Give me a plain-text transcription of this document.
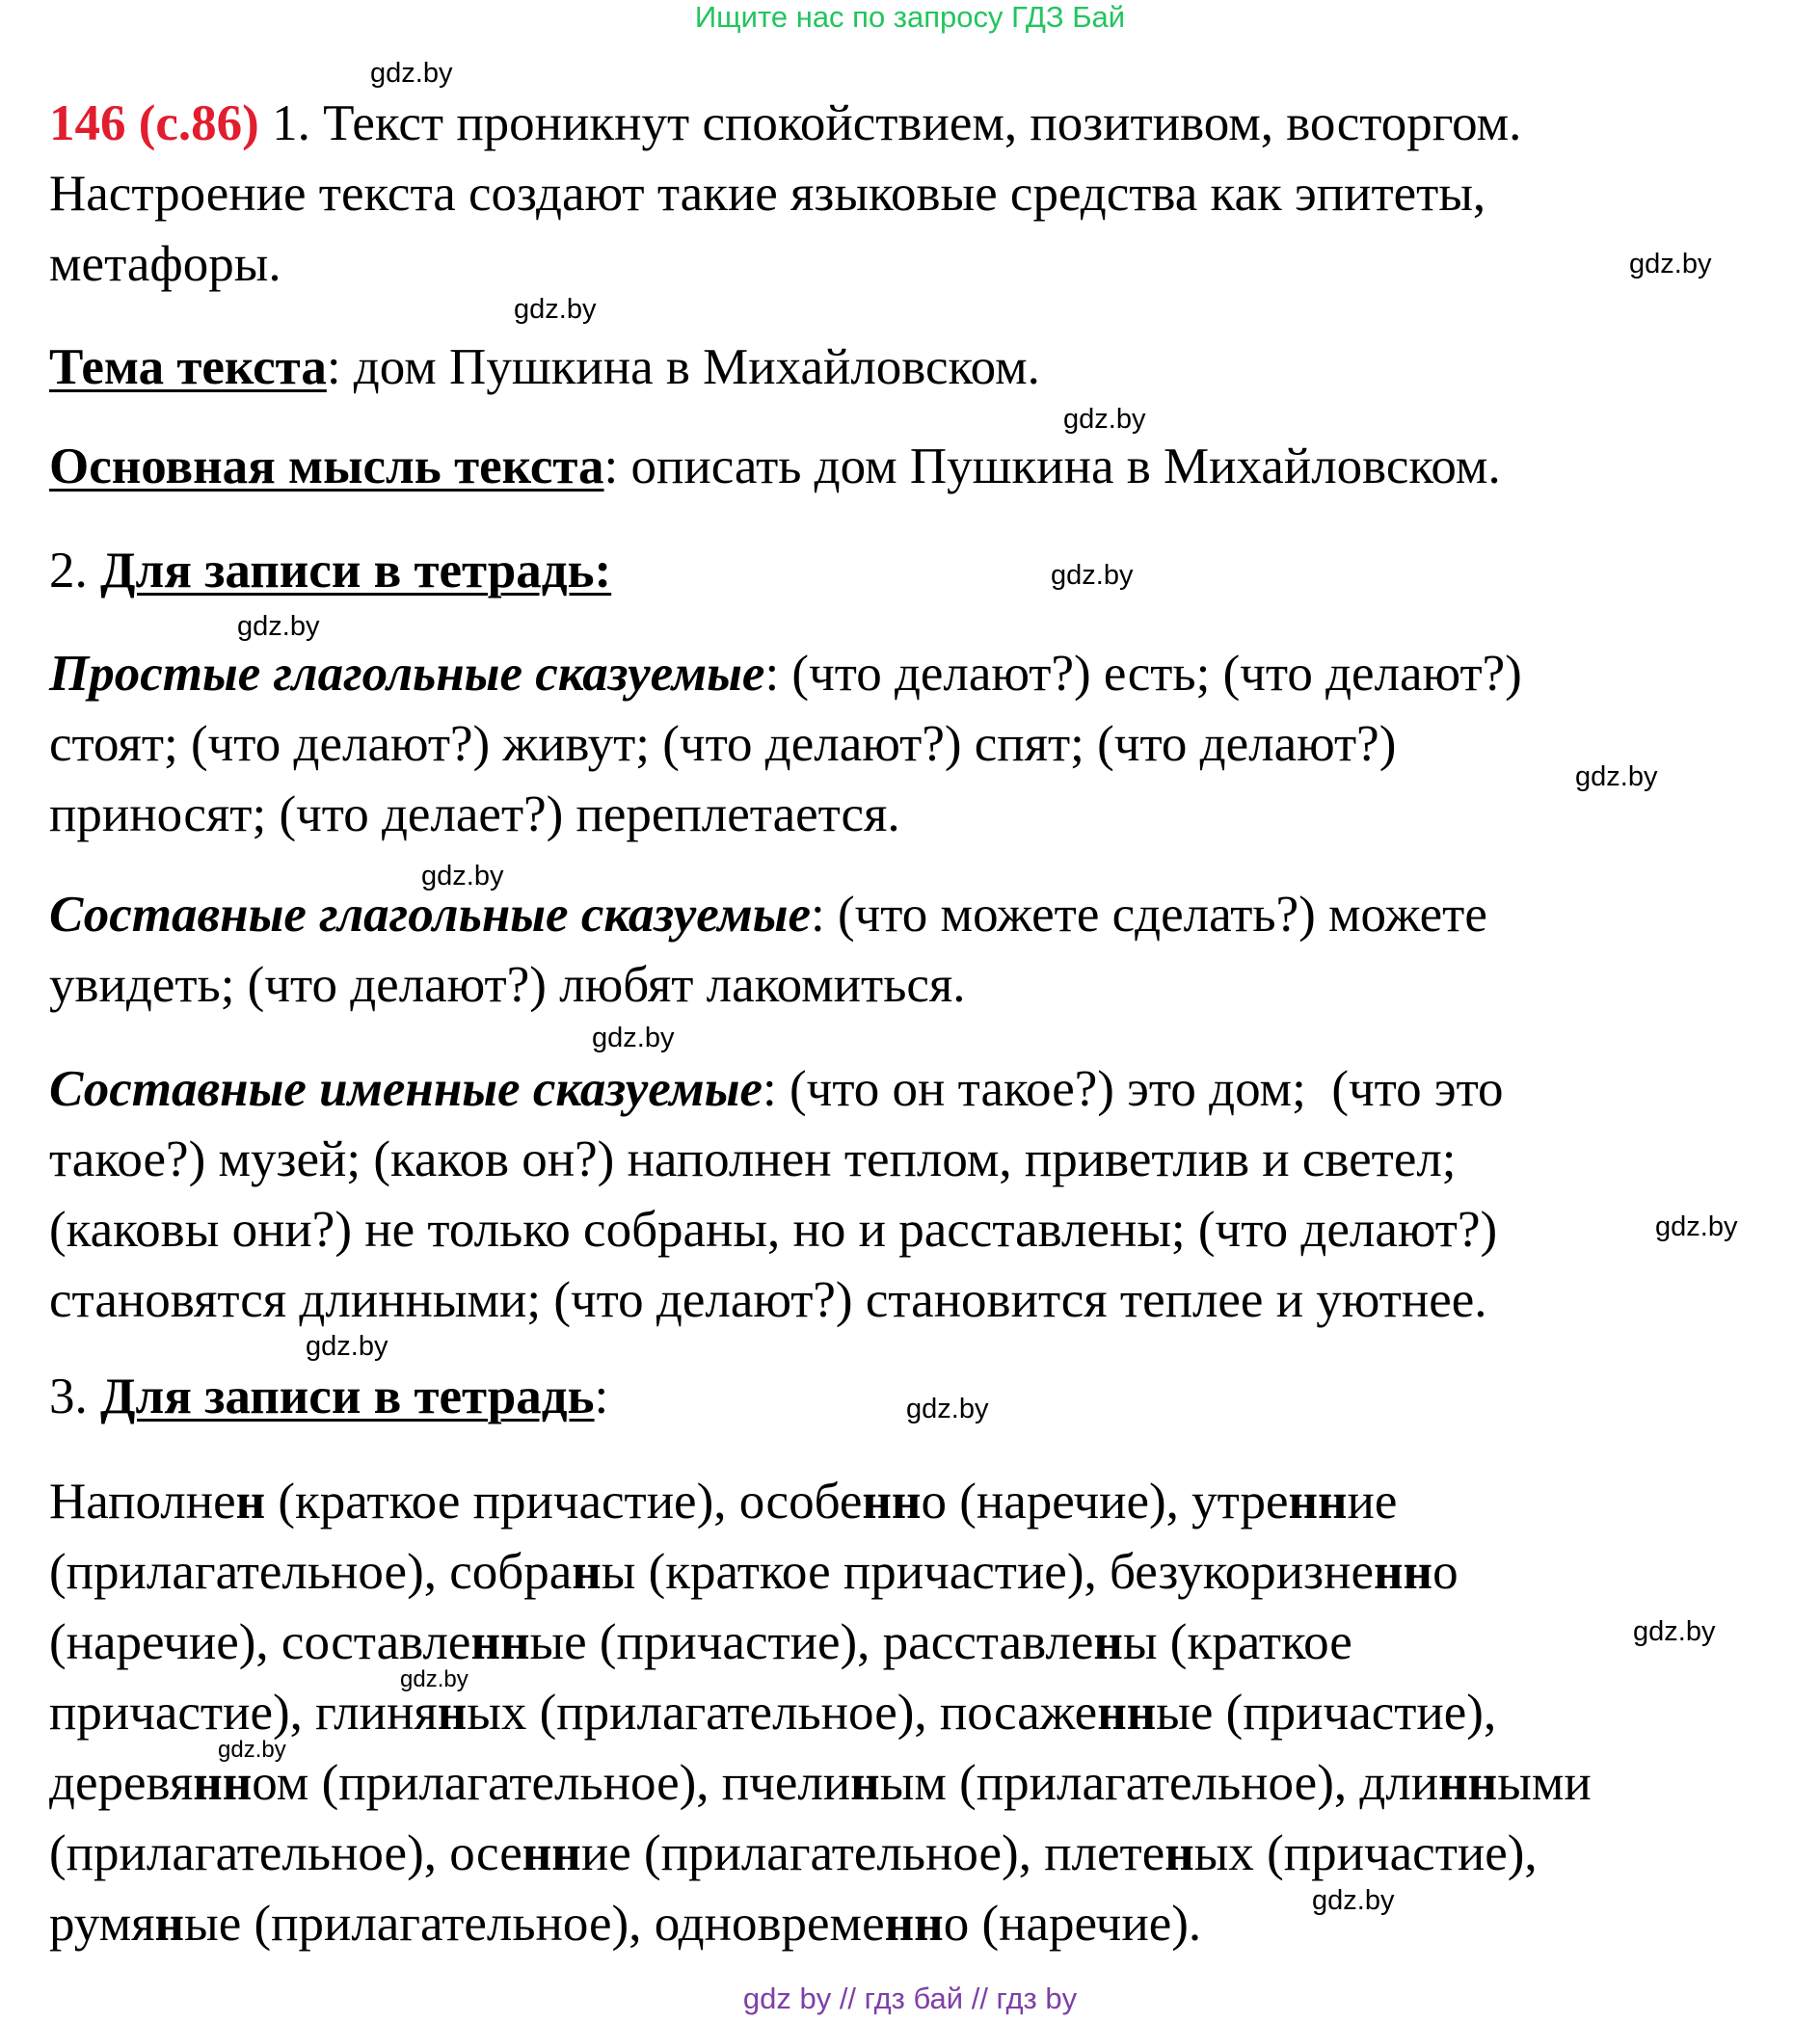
Ищите нас по запросу ГДЗ Бай
gdz.by
gdz.by
gdz.by
gdz.by
gdz.by
gdz.by
gdz.by
gdz.by
gdz.by
gdz.by
gdz.by
gdz.by
gdz.by
gdz.by
gdz.by
gdz.by
146 (с.86) 1. Текст проникнут спокойствием, позитивом, восторгом.
Настроение текста создают такие языковые средства как эпитеты,
метафоры.
Тема текста: дом Пушкина в Михайловском.
Основная мысль текста: описать дом Пушкина в Михайловском.
2. Для записи в тетрадь:
Простые глагольные сказуемые: (что делают?) есть; (что делают?)
стоят; (что делают?) живут; (что делают?) спят; (что делают?)
приносят; (что делает?) переплетается.
Составные глагольные сказуемые: (что можете сделать?) можете
увидеть; (что делают?) любят лакомиться.
Составные именные сказуемые: (что он такое?) это дом;  (что это
такое?) музей; (каков он?) наполнен теплом, приветлив и светел;
(каковы они?) не только собраны, но и расставлены; (что делают?)
становятся длинными; (что делают?) становится теплее и уютнее.
3. Для записи в тетрадь:
Наполнен (краткое причастие), особенно (наречие), утренние
(прилагательное), собраны (краткое причастие), безукоризненно
(наречие), составленные (причастие), расставлены (краткое
причастие), глиняных (прилагательное), посаженные (причастие),
деревянном (прилагательное), пчелиным (прилагательное), длинными
(прилагательное), осенние (прилагательное), плетеных (причастие),
румяные (прилагательное), одновременно (наречие).
gdz by // гдз бай // гдз by
